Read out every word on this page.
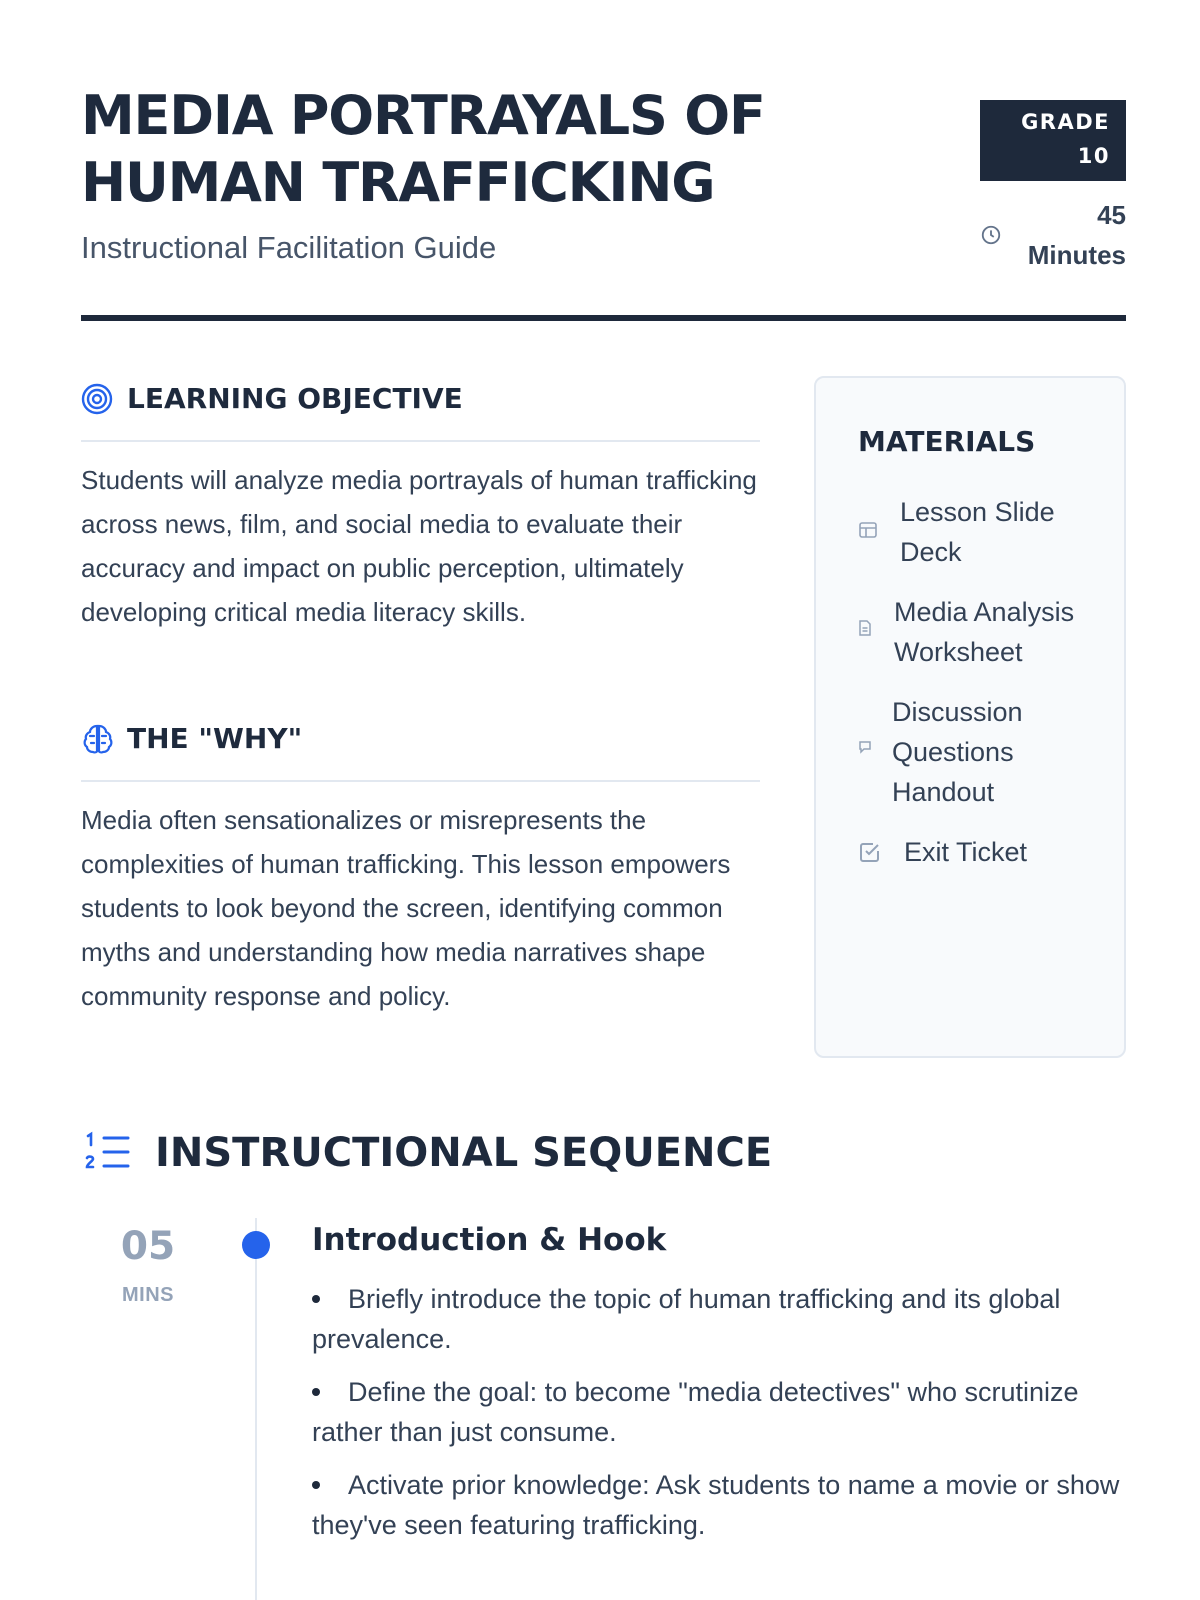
MEDIA PORTRAYALS OF HUMAN TRAFFICKING
Instructional Facilitation Guide
GRADE
10
45
Minutes
LEARNING OBJECTIVE

Students will analyze media portrayals of human trafficking across news, film, and social media to evaluate their accuracy and impact on public perception, ultimately developing critical media literacy skills.

THE "WHY"

Media often sensationalizes or misrepresents the complexities of human trafficking. This lesson empowers students to look beyond the screen, identifying common myths and understanding how media narratives shape community response and policy.

MATERIALS
Lesson Slide Deck
Media Analysis Worksheet
Discussion Questions Handout
Exit Ticket
INSTRUCTIONAL SEQUENCE
05
MINS
Introduction & Hook
Briefly introduce the topic of human trafficking and its global prevalence.
Define the goal: to become "media detectives" who scrutinize rather than just consume.
Activate prior knowledge: Ask students to name a movie or show they've seen featuring trafficking.
